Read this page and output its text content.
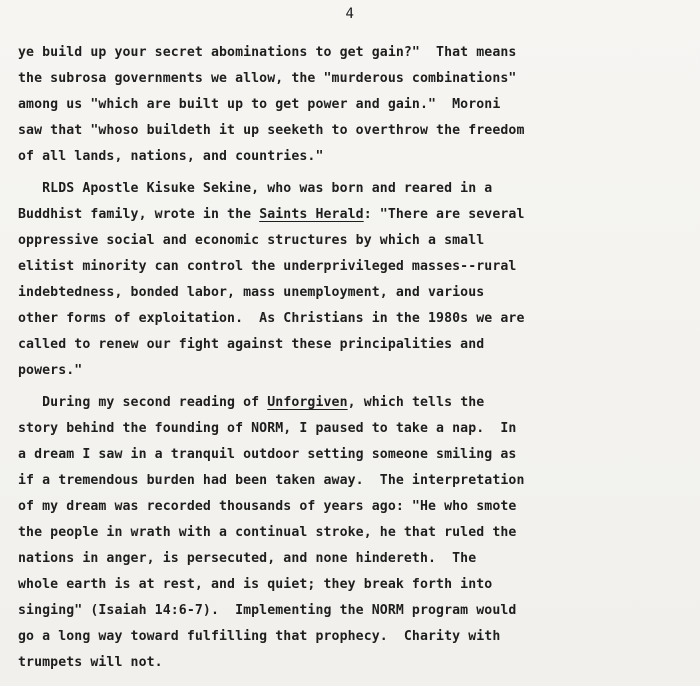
4
ye build up your secret abominations to get gain?"  That means
the subrosa governments we allow, the "murderous combinations"
among us "which are built up to get power and gain."  Moroni
saw that "whoso buildeth it up seeketh to overthrow the freedom
of all lands, nations, and countries."
RLDS Apostle Kisuke Sekine, who was born and reared in a
Buddhist family, wrote in the Saints Herald: "There are several
oppressive social and economic structures by which a small
elitist minority can control the underprivileged masses--rural
indebtedness, bonded labor, mass unemployment, and various
other forms of exploitation.  As Christians in the 1980s we are
called to renew our fight against these principalities and
powers."
During my second reading of Unforgiven, which tells the
story behind the founding of NORM, I paused to take a nap.  In
a dream I saw in a tranquil outdoor setting someone smiling as
if a tremendous burden had been taken away.  The interpretation
of my dream was recorded thousands of years ago: "He who smote
the people in wrath with a continual stroke, he that ruled the
nations in anger, is persecuted, and none hindereth.  The
whole earth is at rest, and is quiet; they break forth into
singing" (Isaiah 14:6-7).  Implementing the NORM program would
go a long way toward fulfilling that prophecy.  Charity with
trumpets will not.
